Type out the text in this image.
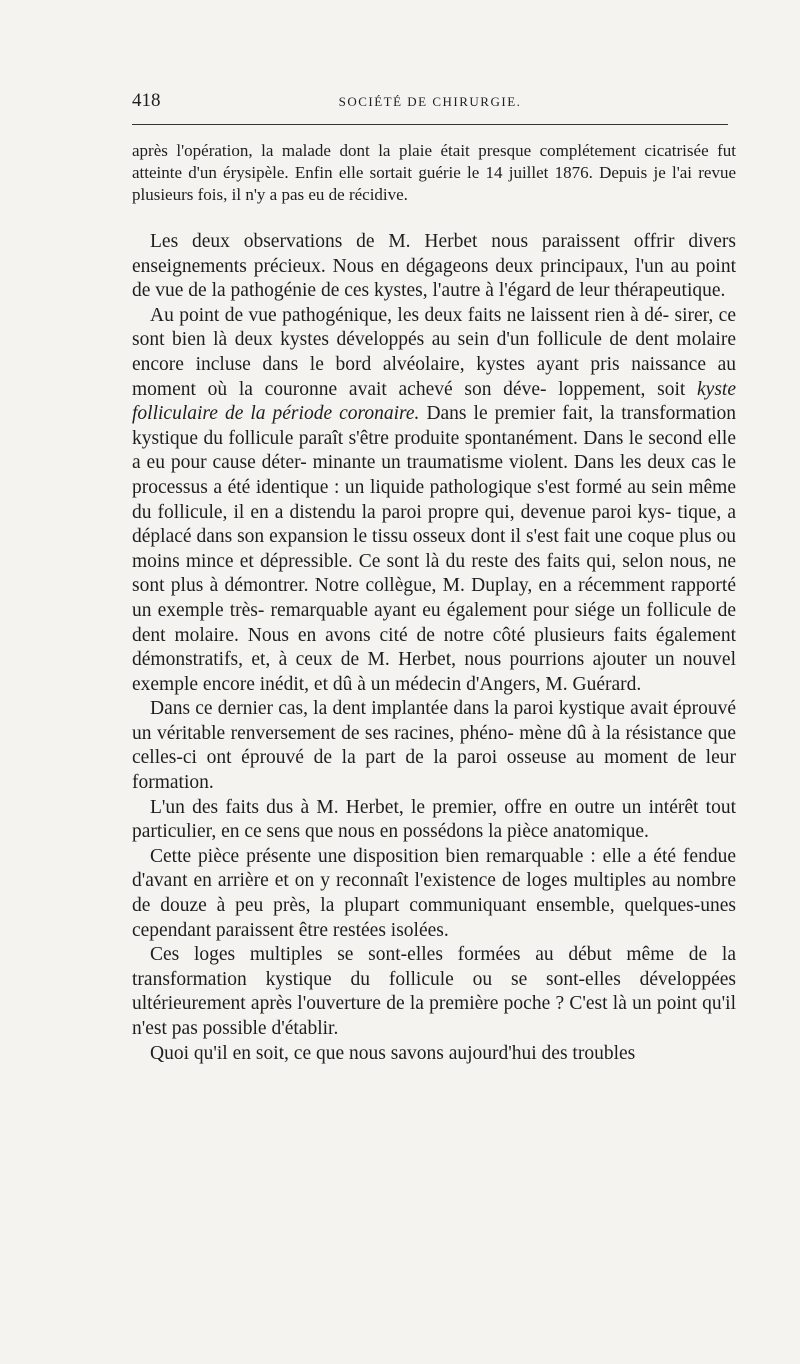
418	SOCIÉTÉ DE CHIRURGIE.

après l'opération, la malade dont la plaie était presque complétement cicatrisée fut atteinte d'un érysipèle. Enfin elle sortait guérie le 14 juillet 1876. Depuis je l'ai revue plusieurs fois, il n'y a pas eu de récidive.

Les deux observations de M. Herbet nous paraissent offrir divers enseignements précieux. Nous en dégageons deux principaux, l'un au point de vue de la pathogénie de ces kystes, l'autre à l'égard de leur thérapeutique.

Au point de vue pathogénique, les deux faits ne laissent rien à dé- sirer, ce sont bien là deux kystes développés au sein d'un follicule de dent molaire encore incluse dans le bord alvéolaire, kystes ayant pris naissance au moment où la couronne avait achevé son déve- loppement, soit kyste folliculaire de la période coronaire. Dans le premier fait, la transformation kystique du follicule paraît s'être produite spontanément. Dans le second elle a eu pour cause déter- minante un traumatisme violent. Dans les deux cas le processus a été identique : un liquide pathologique s'est formé au sein même du follicule, il en a distendu la paroi propre qui, devenue paroi kys- tique, a déplacé dans son expansion le tissu osseux dont il s'est fait une coque plus ou moins mince et dépressible. Ce sont là du reste des faits qui, selon nous, ne sont plus à démontrer. Notre collègue, M. Duplay, en a récemment rapporté un exemple très- remarquable ayant eu également pour siége un follicule de dent molaire. Nous en avons cité de notre côté plusieurs faits également démonstratifs, et, à ceux de M. Herbet, nous pourrions ajouter un nouvel exemple encore inédit, et dû à un médecin d'Angers, M. Guérard.

Dans ce dernier cas, la dent implantée dans la paroi kystique avait éprouvé un véritable renversement de ses racines, phéno- mène dû à la résistance que celles-ci ont éprouvé de la part de la paroi osseuse au moment de leur formation.

L'un des faits dus à M. Herbet, le premier, offre en outre un intérêt tout particulier, en ce sens que nous en possédons la pièce anatomique.

Cette pièce présente une disposition bien remarquable : elle a été fendue d'avant en arrière et on y reconnaît l'existence de loges multiples au nombre de douze à peu près, la plupart communiquant ensemble, quelques-unes cependant paraissent être restées isolées.

Ces loges multiples se sont-elles formées au début même de la transformation kystique du follicule ou se sont-elles développées ultérieurement après l'ouverture de la première poche ? C'est là un point qu'il n'est pas possible d'établir.

Quoi qu'il en soit, ce que nous savons aujourd'hui des troubles
